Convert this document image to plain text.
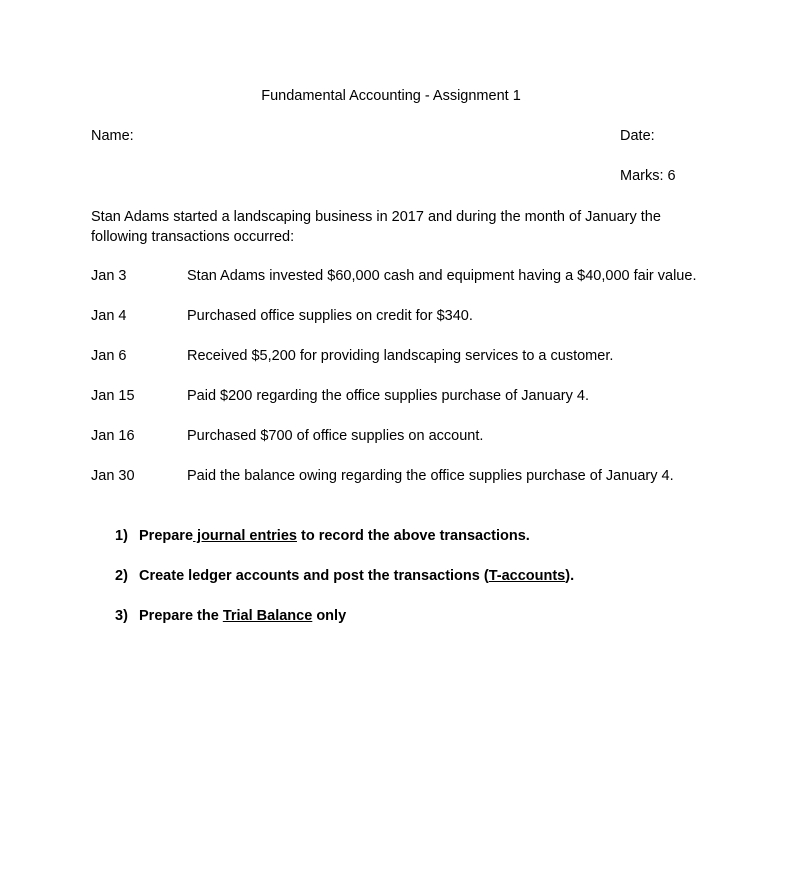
Fundamental Accounting - Assignment 1
Name:	Date:
Marks: 6
Stan Adams started a landscaping business in 2017 and during the month of January the following transactions occurred:
Jan 3	Stan Adams invested $60,000 cash and equipment having a $40,000 fair value.
Jan 4	Purchased office supplies on credit for $340.
Jan 6	Received $5,200 for providing landscaping services to a customer.
Jan 15	Paid $200 regarding the office supplies purchase of January 4.
Jan 16	Purchased $700 of office supplies on account.
Jan 30	Paid the balance owing regarding the office supplies purchase of January 4.
1) Prepare journal entries to record the above transactions.
2) Create ledger accounts and post the transactions (T-accounts).
3) Prepare the Trial Balance only
